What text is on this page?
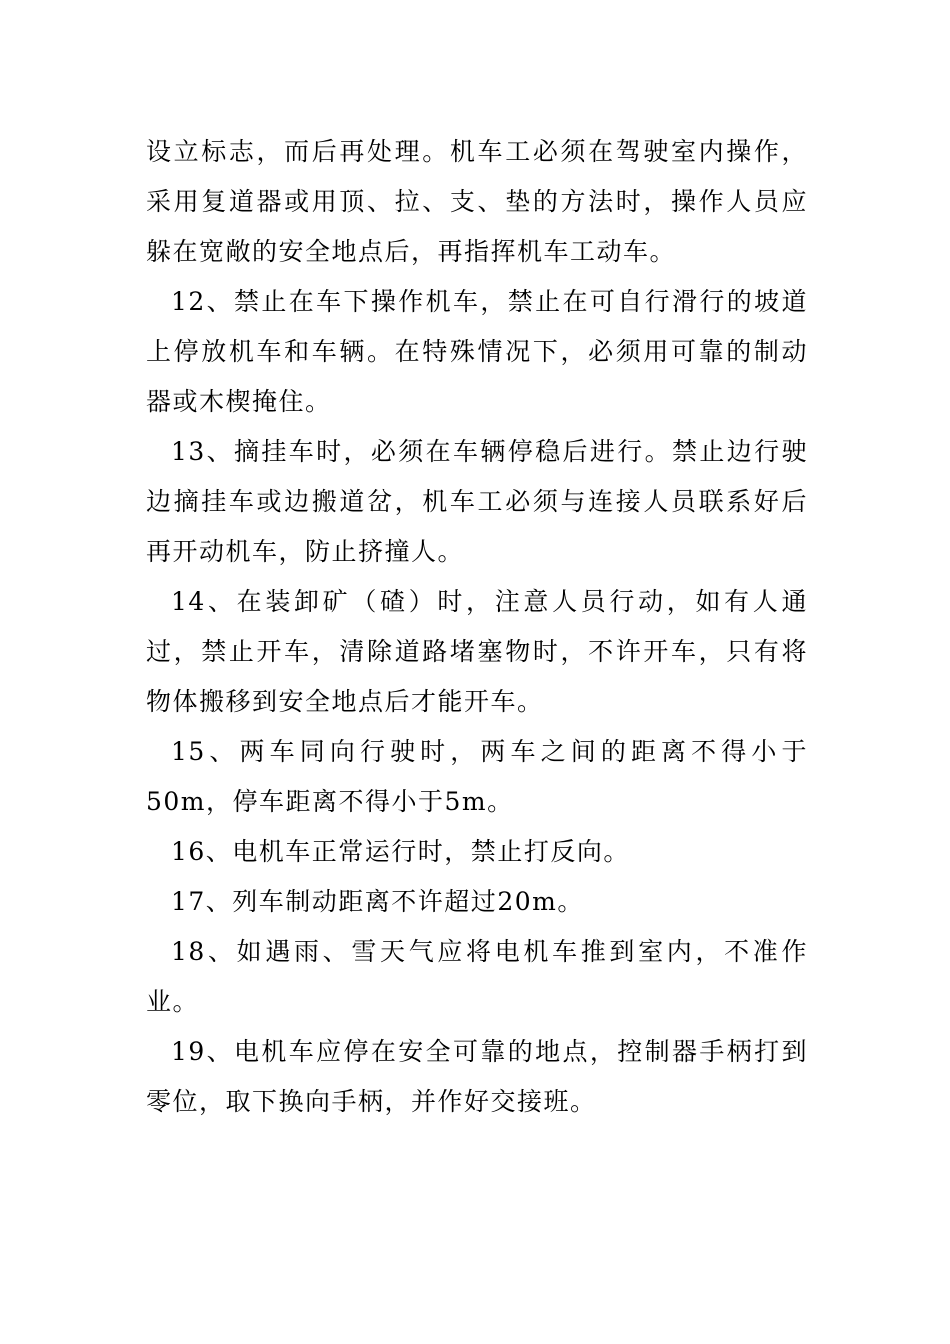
设立标志，而后再处理。机车工必须在驾驶室内操作，采用复道器或用顶、拉、支、垫的方法时，操作人员应躲在宽敞的安全地点后，再指挥机车工动车。

12、禁止在车下操作机车，禁止在可自行滑行的坡道上停放机车和车辆。在特殊情况下，必须用可靠的制动器或木楔掩住。

13、摘挂车时，必须在车辆停稳后进行。禁止边行驶边摘挂车或边搬道岔，机车工必须与连接人员联系好后再开动机车，防止挤撞人。

14、在装卸矿（碴）时，注意人员行动，如有人通过，禁止开车，清除道路堵塞物时，不许开车，只有将物体搬移到安全地点后才能开车。

15、两车同向行驶时，两车之间的距离不得小于50m，停车距离不得小于5m。

16、电机车正常运行时，禁止打反向。

17、列车制动距离不许超过20m。

18、如遇雨、雪天气应将电机车推到室内，不准作业。

19、电机车应停在安全可靠的地点，控制器手柄打到零位，取下换向手柄，并作好交接班。
